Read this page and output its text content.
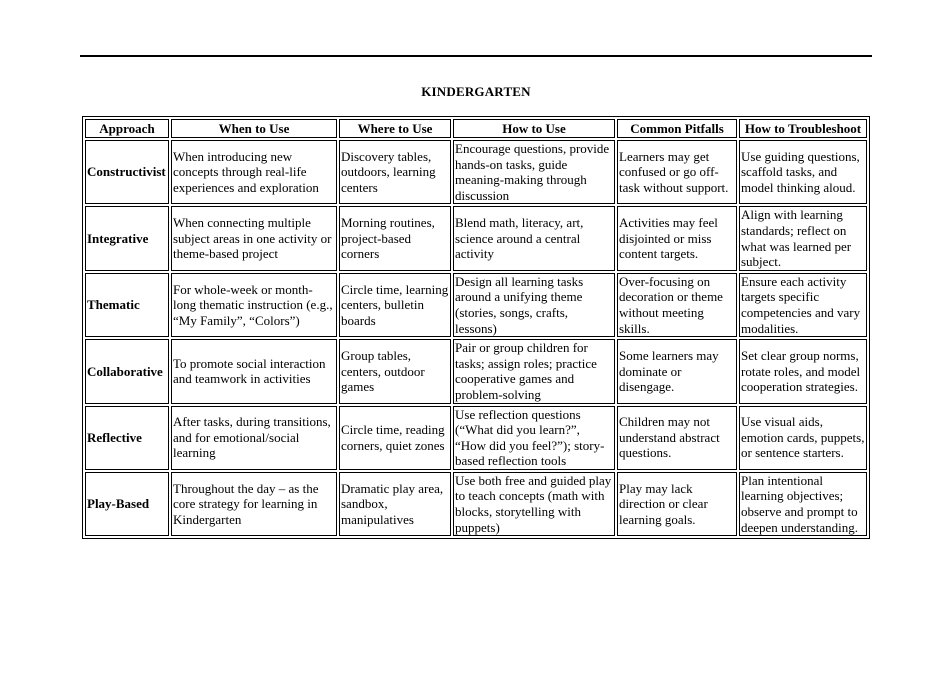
KINDERGARTEN
Approach	When to Use	Where to Use	How to Use	Common Pitfalls	How to Troubleshoot
Constructivist	When introducing new concepts through real-life experiences and exploration	Discovery tables, outdoors, learning centers	Encourage questions, provide hands-on tasks, guide meaning-making through discussion	Learners may get confused or go off-task without support.	Use guiding questions, scaffold tasks, and model thinking aloud.
Integrative	When connecting multiple subject areas in one activity or theme-based project	Morning routines, project-based corners	Blend math, literacy, art, science around a central activity	Activities may feel disjointed or miss content targets.	Align with learning standards; reflect on what was learned per subject.
Thematic	For whole-week or month-long thematic instruction (e.g., “My Family”, “Colors”)	Circle time, learning centers, bulletin boards	Design all learning tasks around a unifying theme (stories, songs, crafts, lessons)	Over-focusing on decoration or theme without meeting skills.	Ensure each activity targets specific competencies and vary modalities.
Collaborative	To promote social interaction and teamwork in activities	Group tables, centers, outdoor games	Pair or group children for tasks; assign roles; practice cooperative games and problem-solving	Some learners may dominate or disengage.	Set clear group norms, rotate roles, and model cooperation strategies.
Reflective	After tasks, during transitions, and for emotional/social learning	Circle time, reading corners, quiet zones	Use reflection questions (“What did you learn?”, “How did you feel?”); story-based reflection tools	Children may not understand abstract questions.	Use visual aids, emotion cards, puppets, or sentence starters.
Play-Based	Throughout the day – as the core strategy for learning in Kindergarten	Dramatic play area, sandbox, manipulatives	Use both free and guided play to teach concepts (math with blocks, storytelling with puppets)	Play may lack direction or clear learning goals.	Plan intentional learning objectives; observe and prompt to deepen understanding.
